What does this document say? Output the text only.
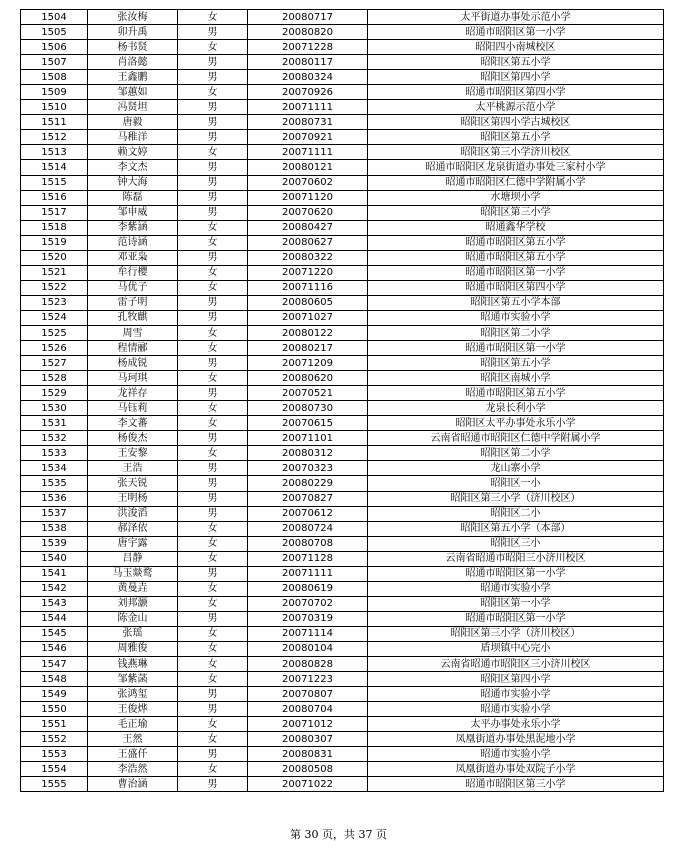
1504	张汝梅	女	20080717	太平街道办事处示范小学
1505	卯升禹	男	20080820	昭通市昭阳区第一小学
1506	杨书贤	女	20071228	昭阳四小南城校区
1507	肖洛懿	男	20080117	昭阳区第五小学
1508	王鑫鹏	男	20080324	昭阳区第四小学
1509	邹蕙如	女	20070926	昭通市昭阳区第四小学
1510	冯贤坦	男	20071111	太平桃源示范小学
1511	唐毅	男	20080731	昭阳区第四小学古城校区
1512	马稚洋	男	20070921	昭阳区第五小学
1513	赖文婷	女	20071111	昭阳区第三小学济川校区
1514	李文杰	男	20080121	昭通市昭阳区龙泉街道办事处三家村小学
1515	钟大海	男	20070602	昭通市昭阳区仁德中学附属小学
1516	陈磊	男	20071120	水塘坝小学
1517	邹申威	男	20070620	昭阳区第三小学
1518	李紫涵	女	20080427	昭通鑫华学校
1519	范诗涵	女	20080627	昭通市昭阳区第五小学
1520	邓亚枭	男	20080322	昭通市昭阳区第五小学
1521	牟行樱	女	20071220	昭通市昭阳区第一小学
1522	马优子	女	20071116	昭通市昭阳区第四小学
1523	雷子明	男	20080605	昭阳区第五小学本部
1524	孔牧麒	男	20071027	昭通市实验小学
1525	周雪	女	20080122	昭阳区第二小学
1526	程情郦	女	20080217	昭通市昭阳区第一小学
1527	杨成锐	男	20071209	昭阳区第五小学
1528	马珂琪	女	20080620	昭阳区南城小学
1529	龙祥存	男	20070521	昭通市昭阳区第五小学
1530	马钰莉	女	20080730	龙泉长利小学
1531	李文蕃	女	20070615	昭阳区太平办事处永乐小学
1532	杨俊杰	男	20071101	云南省昭通市昭阳区仁德中学附属小学
1533	王安黎	女	20080312	昭阳区第二小学
1534	王浩	男	20070323	龙山寨小学
1535	张天锐	男	20080229	昭阳区一小
1536	王明杨	男	20070827	昭阳区第三小学（济川校区）
1537	洪浚滔	男	20070612	昭阳区二小
1538	郝泽依	女	20080724	昭阳区第五小学（本部）
1539	唐宇露	女	20080708	昭阳区三小
1540	吕静	女	20071128	云南省昭通市昭阳三小济川校区
1541	马玉燚鹜	男	20071111	昭通市昭阳区第一小学
1542	黄曼垚	女	20080619	昭通市实验小学
1543	刘邦灏	女	20070702	昭阳区第一小学
1544	陈金山	男	20070319	昭通市昭阳区第一小学
1545	张瑶	女	20071114	昭阳区第三小学（济川校区）
1546	周雅俊	女	20080104	盾坝镇中心完小
1547	钱燕琳	女	20080828	云南省昭通市昭阳区三小济川校区
1548	邹紫菡	女	20071223	昭阳区第四小学
1549	张鸿玺	男	20070807	昭通市实验小学
1550	王俊烨	男	20080704	昭通市实验小学
1551	毛正瑜	女	20071012	太平办事处永乐小学
1552	王然	女	20080307	凤凰街道办事处黑泥地小学
1553	王盛仟	男	20080831	昭通市实验小学
1554	李浩然	女	20080508	凤凰街道办事处双院子小学
1555	曹治涵	男	20071022	昭通市昭阳区第三小学
第 30 页，共 37 页
